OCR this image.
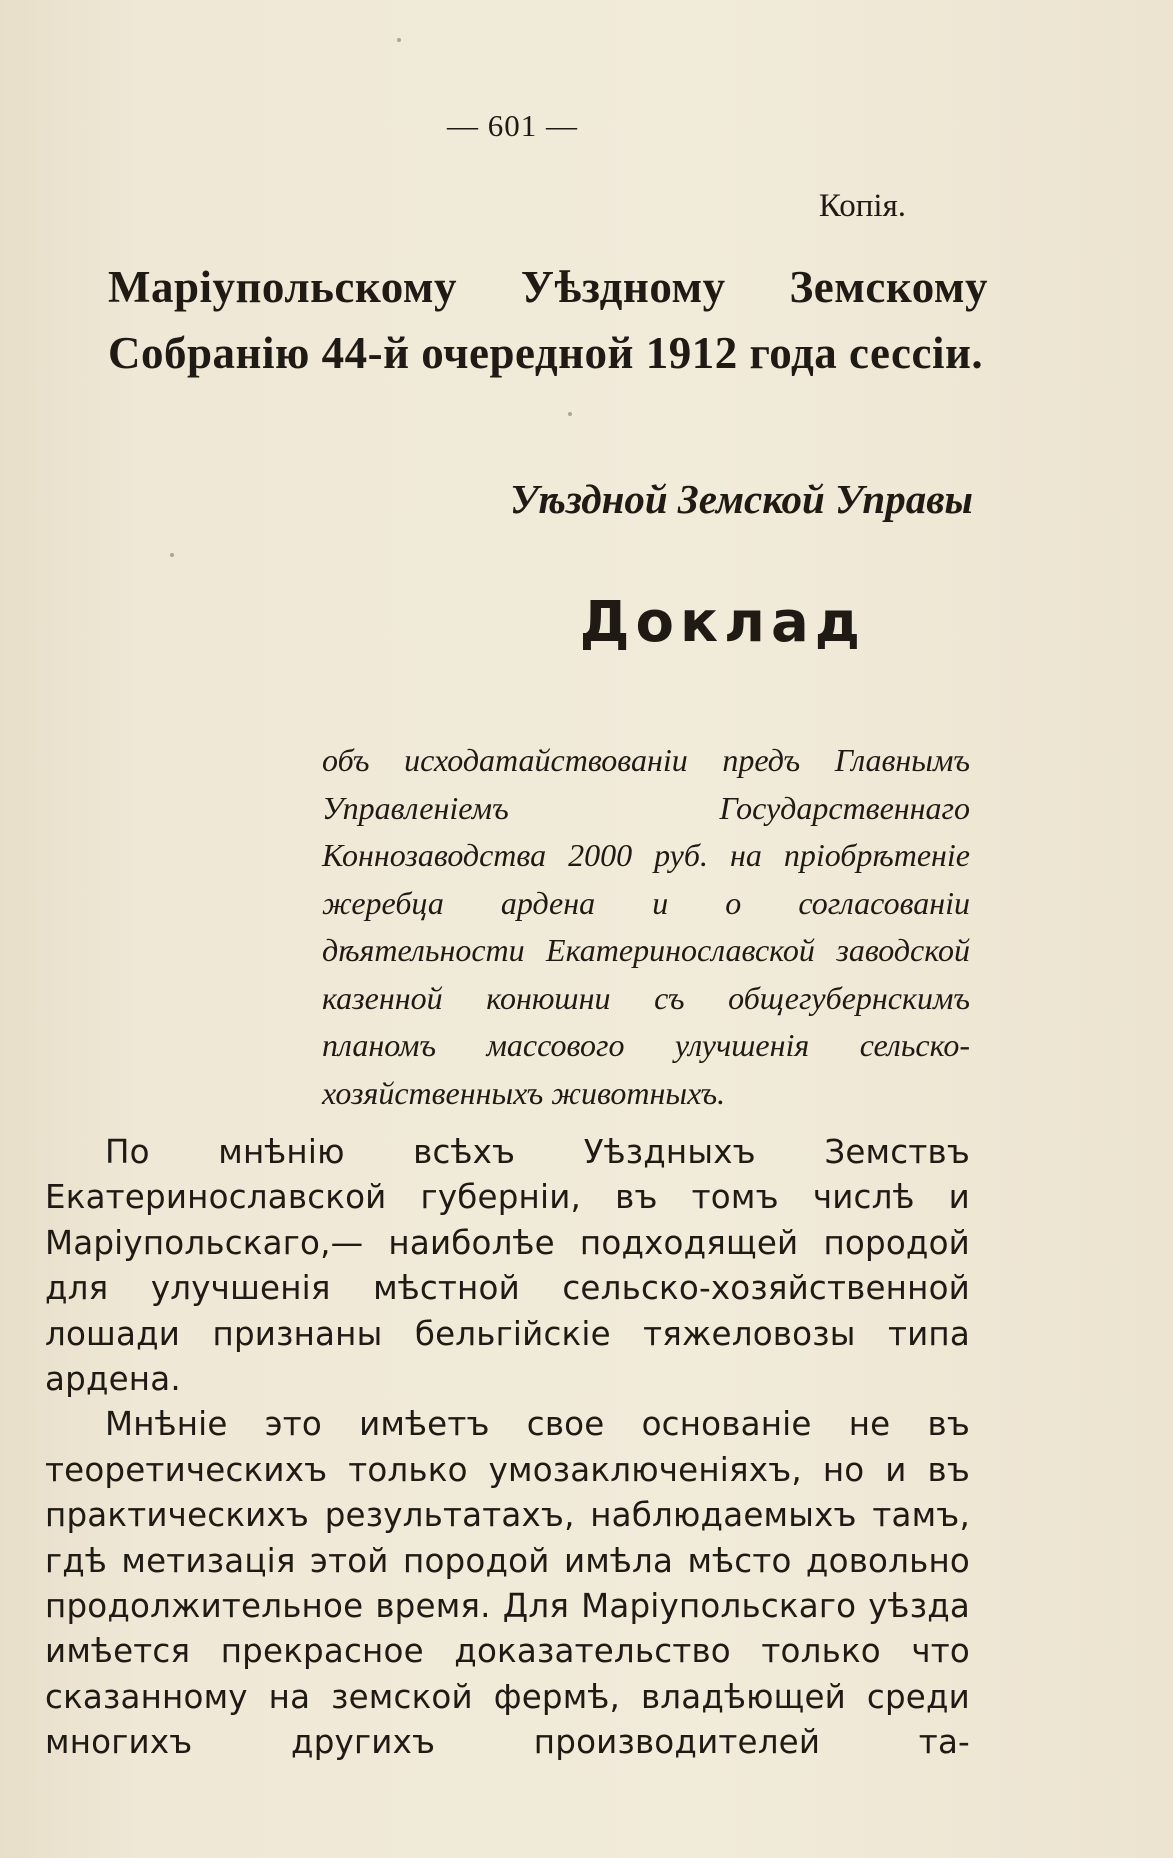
— 601 —
Копія.
Маріупольскому Уѣздному Земскому Собранію 44-й очередной 1912 года сессіи.
Уѣздной Земской Управы
Доклад
объ исходатайствованіи предъ Главнымъ Управленіемъ Государственнаго Коннозаводства 2000 руб. на пріобрѣтеніе жеребца ардена и о согласованіи дѣятельности Екатеринославской заводской казенной конюшни съ общегубернскимъ планомъ массового улучшенія сельско-хозяйственныхъ животныхъ.

По мнѣнію всѣхъ Уѣздныхъ Земствъ Екатеринославской губерніи, въ томъ числѣ и Маріупольскаго,— наиболѣе подходящей породой для улучшенія мѣстной сельско-хозяйственной лошади признаны бельгійскіе тяжеловозы типа ардена.

Мнѣніе это имѣетъ свое основаніе не въ теоретическихъ только умозаключеніяхъ, но и въ практическихъ результатахъ, наблюдаемыхъ тамъ, гдѣ метизація этой породой имѣла мѣсто довольно продолжительное время. Для Маріупольскаго уѣзда имѣется прекрасное доказательство только что сказанному на земской фермѣ, владѣющей среди многихъ другихъ производителей та-
